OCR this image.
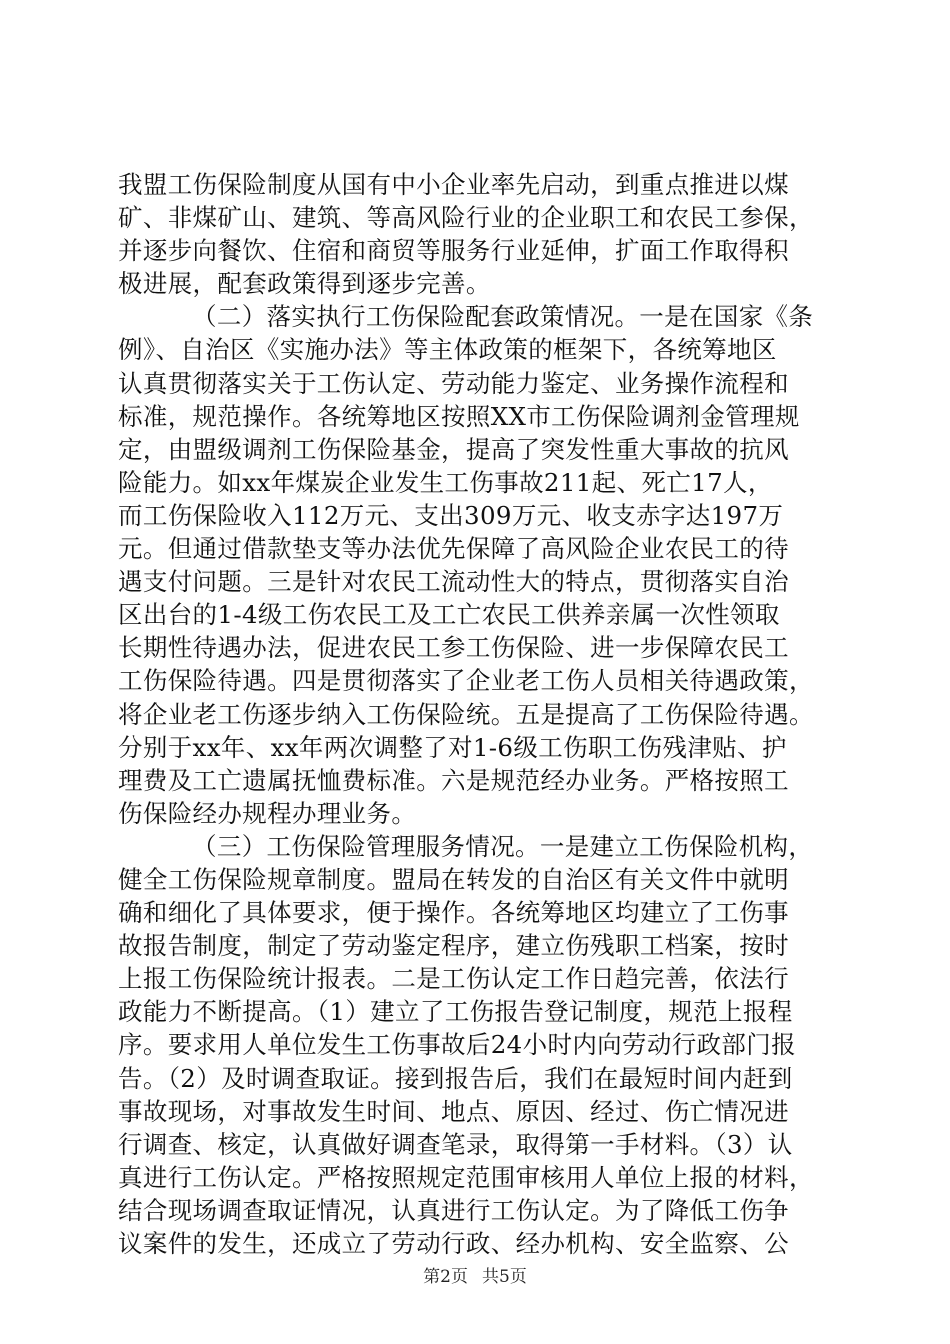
我盟工伤保险制度从国有中小企业率先启动，到重点推进以煤
矿、非煤矿山、建筑、等高风险行业的企业职工和农民工参保，
并逐步向餐饮、住宿和商贸等服务行业延伸，扩面工作取得积
极进展，配套政策得到逐步完善。
（二）落实执行工伤保险配套政策情况。一是在国家《条
例》、自治区《实施办法》等主体政策的框架下，各统筹地区
认真贯彻落实关于工伤认定、劳动能力鉴定、业务操作流程和
标准，规范操作。各统筹地区按照XX市工伤保险调剂金管理规
定，由盟级调剂工伤保险基金，提高了突发性重大事故的抗风
险能力。如xx年煤炭企业发生工伤事故211起、死亡17人，
而工伤保险收入112万元、支出309万元、收支赤字达197万
元。但通过借款垫支等办法优先保障了高风险企业农民工的待
遇支付问题。三是针对农民工流动性大的特点，贯彻落实自治
区出台的1-4级工伤农民工及工亡农民工供养亲属一次性领取
长期性待遇办法，促进农民工参工伤保险、进一步保障农民工
工伤保险待遇。四是贯彻落实了企业老工伤人员相关待遇政策，
将企业老工伤逐步纳入工伤保险统。五是提高了工伤保险待遇。
分别于xx年、xx年两次调整了对1-6级工伤职工伤残津贴、护
理费及工亡遗属抚恤费标准。六是规范经办业务。严格按照工
伤保险经办规程办理业务。
（三）工伤保险管理服务情况。一是建立工伤保险机构，
健全工伤保险规章制度。盟局在转发的自治区有关文件中就明
确和细化了具体要求，便于操作。各统筹地区均建立了工伤事
故报告制度，制定了劳动鉴定程序，建立伤残职工档案，按时
上报工伤保险统计报表。二是工伤认定工作日趋完善，依法行
政能力不断提高。（1）建立了工伤报告登记制度，规范上报程
序。要求用人单位发生工伤事故后24小时内向劳动行政部门报
告。（2）及时调查取证。接到报告后，我们在最短时间内赶到
事故现场，对事故发生时间、地点、原因、经过、伤亡情况进
行调查、核定，认真做好调查笔录，取得第一手材料。（3）认
真进行工伤认定。严格按照规定范围审核用人单位上报的材料，
结合现场调查取证情况，认真进行工伤认定。为了降低工伤争
议案件的发生，还成立了劳动行政、经办机构、安全监察、公
第2页 共5页
